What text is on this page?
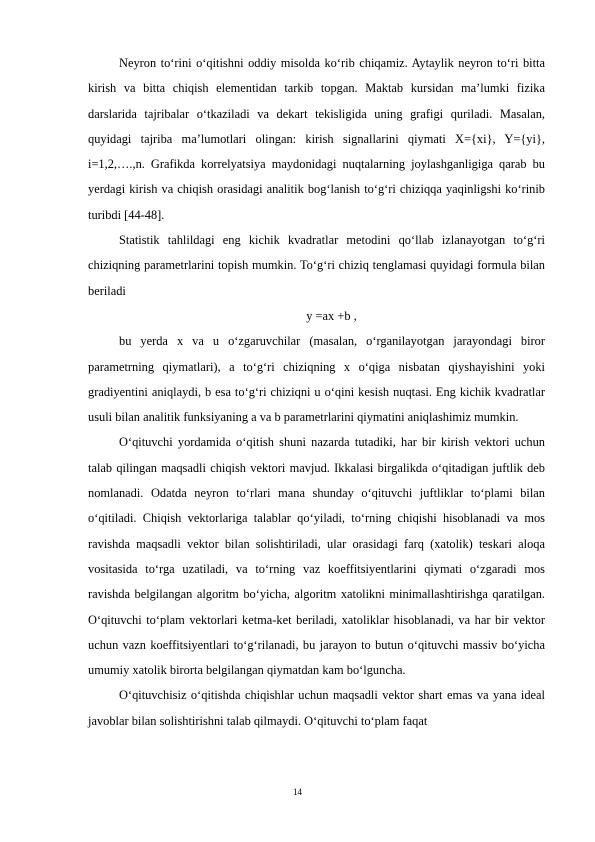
Neyron to‘rini o‘qitishni oddiy misolda ko‘rib chiqamiz. Aytaylik neyron to‘ri bitta kirish va bitta chiqish elementidan tarkib topgan. Maktab kursidan ma’lumki fizika darslarida tajribalar o‘tkaziladi va dekart tekisligida uning grafigi quriladi. Masalan, quyidagi tajriba ma’lumotlari olingan: kirish signallarini qiymati X={xi}, Y={yi}, i=1,2,….,n. Grafikda korrelyatsiya maydonidagi nuqtalarning joylashganligiga qarab bu yerdagi kirish va chiqish orasidagi analitik bog‘lanish to‘g‘ri chiziqqa yaqinligshi ko‘rinib turibdi [44-48].

Statistik tahlildagi eng kichik kvadratlar metodini qo‘llab izlanayotgan to‘g‘ri chiziqning parametrlarini topish mumkin. To‘g‘ri chiziq tenglamasi quyidagi formula bilan beriladi

y =ax +b ,

bu yerda x va u o‘zgaruvchilar (masalan, o‘rganilayotgan jarayondagi biror parametrning qiymatlari), a to‘g‘ri chiziqning x o‘qiga nisbatan qiyshayishini yoki gradiyentini aniqlaydi, b esa to‘g‘ri chiziqni u o‘qini kesish nuqtasi. Eng kichik kvadratlar usuli bilan analitik funksiyaning a va b parametrlarini qiymatini aniqlashimiz mumkin.

O‘qituvchi yordamida o‘qitish shuni nazarda tutadiki, har bir kirish vektori uchun talab qilingan maqsadli chiqish vektori mavjud. Ikkalasi birgalikda o‘qitadigan juftlik deb nomlanadi. Odatda neyron to‘rlari mana shunday o‘qituvchi juftliklar to‘plami bilan o‘qitiladi. Chiqish vektorlariga talablar qo‘yiladi, to‘rning chiqishi hisoblanadi va mos ravishda maqsadli vektor bilan solishtiriladi, ular orasidagi farq (xatolik) teskari aloqa vositasida to‘rga uzatiladi, va to‘rning vaz koeffitsiyentlarini qiymati o‘zgaradi mos ravishda belgilangan algoritm bo‘yicha, algoritm xatolikni minimallashtirishga qaratilgan. O‘qituvchi to‘plam vektorlari ketma-ket beriladi, xatoliklar hisoblanadi, va har bir vektor uchun vazn koeffitsiyentlari to‘g‘rilanadi, bu jarayon to butun o‘qituvchi massiv bo‘yicha umumiy xatolik birorta belgilangan qiymatdan kam bo‘lguncha.

O‘qituvchisiz o‘qitishda chiqishlar uchun maqsadli vektor shart emas va yana ideal javoblar bilan solishtirishni talab qilmaydi. O‘qituvchi to‘plam faqat

14
